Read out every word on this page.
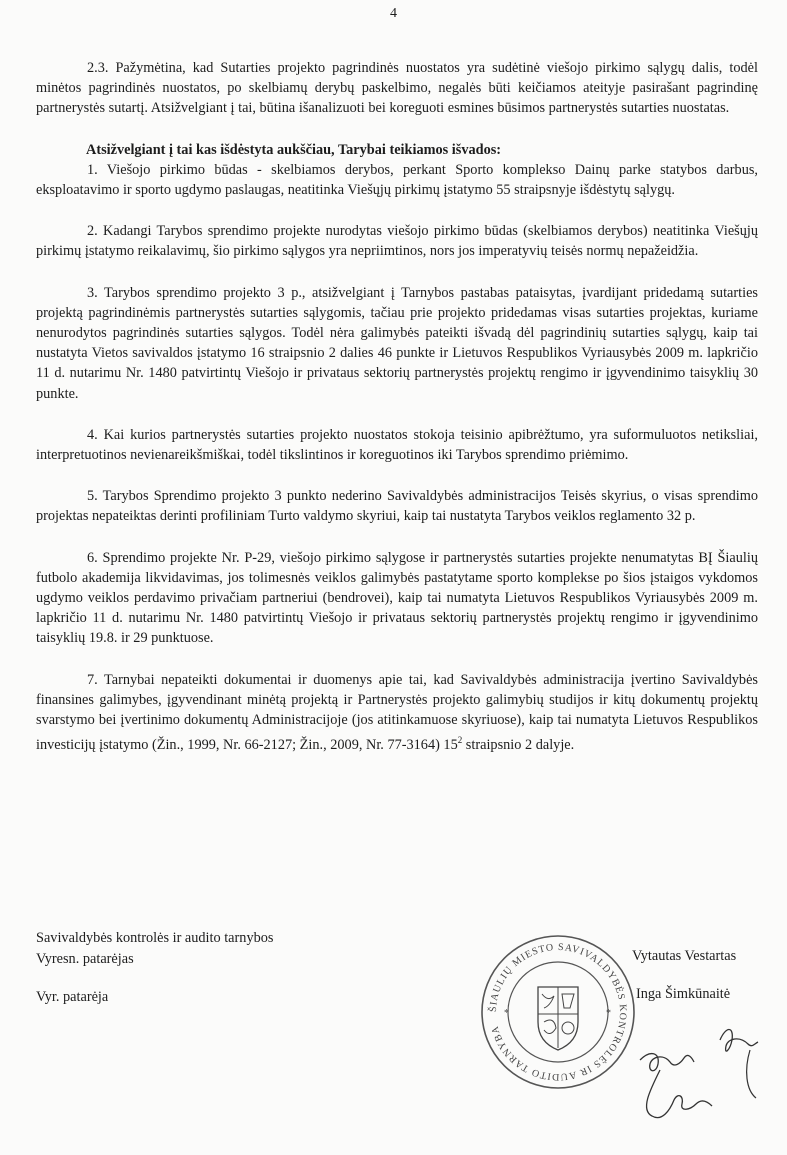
4

2.3. Pažymėtina, kad Sutarties projekto pagrindinės nuostatos yra sudėtinė viešojo pirkimo sąlygų dalis, todėl minėtos pagrindinės nuostatos, po skelbiamų derybų paskelbimo, negalės būti keičiamos ateityje pasirašant pagrindinę partnerystės sutartį. Atsižvelgiant į tai, būtina išanalizuoti bei koreguoti esmines būsimos partnerystės sutarties nuostatas.

Atsižvelgiant į tai kas išdėstyta aukščiau, Tarybai teikiamos išvados:

1. Viešojo pirkimo būdas - skelbiamos derybos, perkant Sporto komplekso Dainų parke statybos darbus, eksploatavimo ir sporto ugdymo paslaugas, neatitinka Viešųjų pirkimų įstatymo 55 straipsnyje išdėstytų sąlygų.

2. Kadangi Tarybos sprendimo projekte nurodytas viešojo pirkimo būdas (skelbiamos derybos) neatitinka Viešųjų pirkimų įstatymo reikalavimų, šio pirkimo sąlygos yra nepriimtinos, nors jos imperatyvių teisės normų nepažeidžia.

3. Tarybos sprendimo projekto 3 p., atsižvelgiant į Tarnybos pastabas pataisytas, įvardijant pridedamą sutarties projektą pagrindinėmis partnerystės sutarties sąlygomis, tačiau prie projekto pridedamas visas sutarties projektas, kuriame nenurodytos pagrindinės sutarties sąlygos. Todėl nėra galimybės pateikti išvadą dėl pagrindinių sutarties sąlygų, kaip tai nustatyta Vietos savivaldos įstatymo 16 straipsnio 2 dalies 46 punkte ir Lietuvos Respublikos Vyriausybės 2009 m. lapkričio 11 d. nutarimu Nr. 1480 patvirtintų Viešojo ir privataus sektorių partnerystės projektų rengimo ir įgyvendinimo taisyklių 30 punkte.

4. Kai kurios partnerystės sutarties projekto nuostatos stokoja teisinio apibrėžtumo, yra suformuluotos netiksliai, interpretuotinos nevienareikšmiškai, todėl tikslintinos ir koreguotinos iki Tarybos sprendimo priėmimo.

5. Tarybos Sprendimo projekto 3 punkto nederino Savivaldybės administracijos Teisės skyrius, o visas sprendimo projektas nepateiktas derinti profiliniam Turto valdymo skyriui, kaip tai nustatyta Tarybos veiklos reglamento 32 p.

6. Sprendimo projekte Nr. P-29, viešojo pirkimo sąlygose ir partnerystės sutarties projekte nenumatytas BĮ Šiaulių futbolo akademija likvidavimas, jos tolimesnės veiklos galimybės pastatytame sporto komplekse po šios įstaigos vykdomos ugdymo veiklos perdavimo privačiam partneriui (bendrovei), kaip tai numatyta Lietuvos Respublikos Vyriausybės 2009 m. lapkričio 11 d. nutarimu Nr. 1480 patvirtintų Viešojo ir privataus sektorių partnerystės projektų rengimo ir įgyvendinimo taisyklių 19.8. ir 29 punktuose.

7. Tarnybai nepateikti dokumentai ir duomenys apie tai, kad Savivaldybės administracija įvertino Savivaldybės finansines galimybes, įgyvendinant minėtą projektą ir Partnerystės projekto galimybių studijos ir kitų dokumentų projektų svarstymo bei įvertinimo dokumentų Administracijoje (jos atitinkamuose skyriuose), kaip tai numatyta Lietuvos Respublikos investicijų įstatymo (Žin., 1999, Nr. 66-2127; Žin., 2009, Nr. 77-3164) $15^2$ straipsnio 2 dalyje.

Savivaldybės kontrolės ir audito tarnybos
Vyresn. patarėjas	Vytautas Vestartas
Vyr. patarėja	Inga Šimkūnaitė
ŠIAULIŲ MIESTO SAVIVALDYBĖS KONTROLĖS IR AUDITO TARNYBA
*	*
